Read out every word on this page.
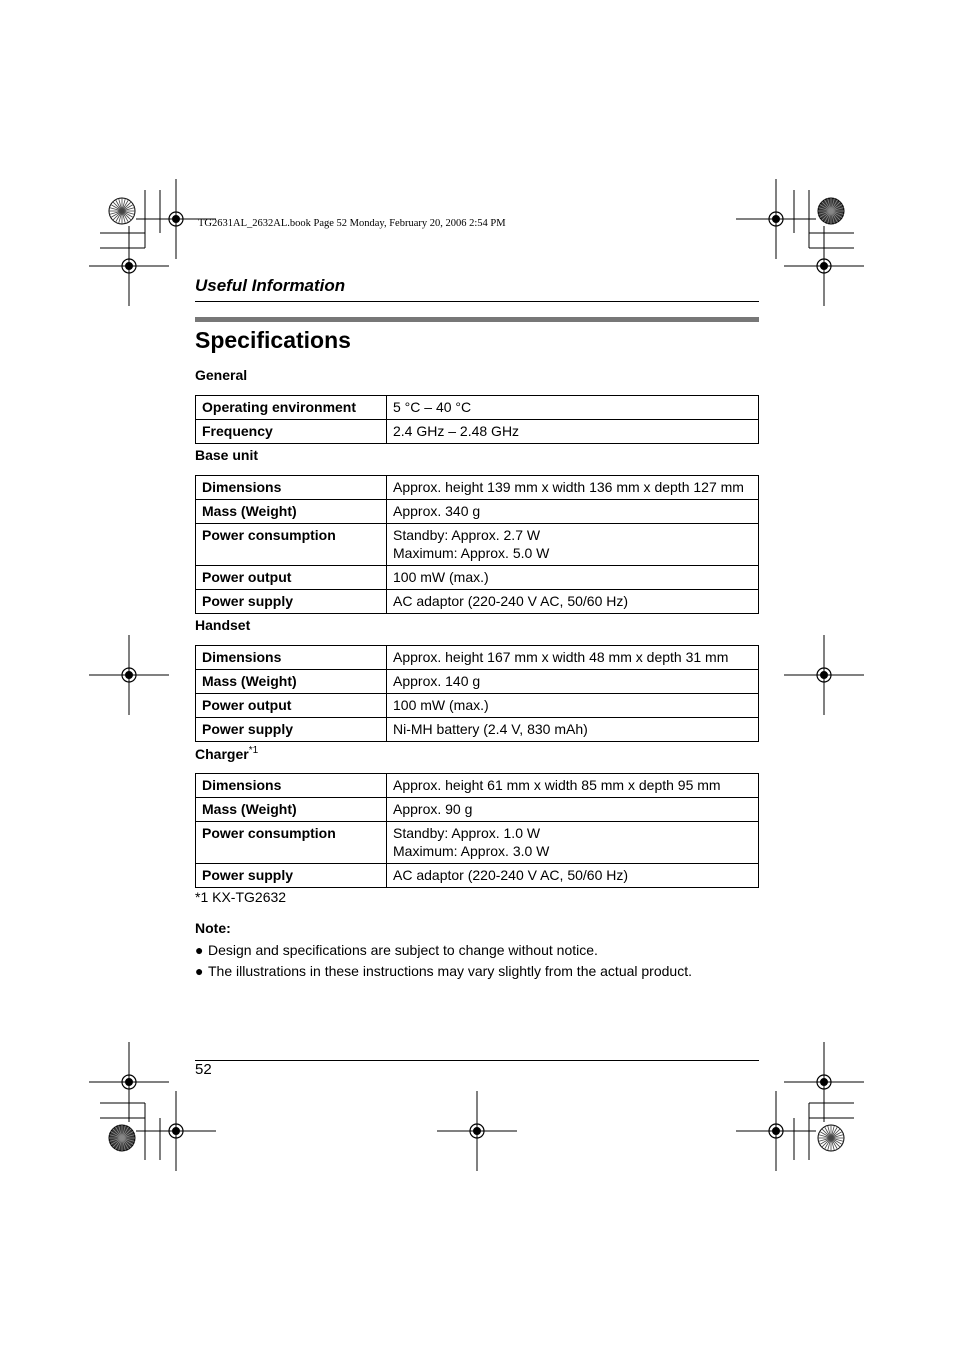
TG2631AL_2632AL.book Page 52 Monday, February 20, 2006 2:54 PM
Useful Information
Specifications
General
Operating environment	5 °C – 40 °C
Frequency	2.4 GHz – 2.48 GHz
Base unit
Dimensions	Approx. height 139 mm x width 136 mm x depth 127 mm
Mass (Weight)	Approx. 340 g
Power consumption	Standby: Approx. 2.7 W
Maximum: Approx. 5.0 W

Power output	100 mW (max.)
Power supply	AC adaptor (220-240 V AC, 50/60 Hz)
Handset
Dimensions	Approx. height 167 mm x width 48 mm x depth 31 mm
Mass (Weight)	Approx. 140 g
Power output	100 mW (max.)
Power supply	Ni-MH battery (2.4 V, 830 mAh)
Charger$^{*1}$
Dimensions	Approx. height 61 mm x width 85 mm x depth 95 mm
Mass (Weight)	Approx. 90 g
Power consumption	Standby: Approx. 1.0 W
Maximum: Approx. 3.0 W

Power supply	AC adaptor (220-240 V AC, 50/60 Hz)
*1 KX-TG2632
Note:
● Design and specifications are subject to change without notice.
● The illustrations in these instructions may vary slightly from the actual product.
52
